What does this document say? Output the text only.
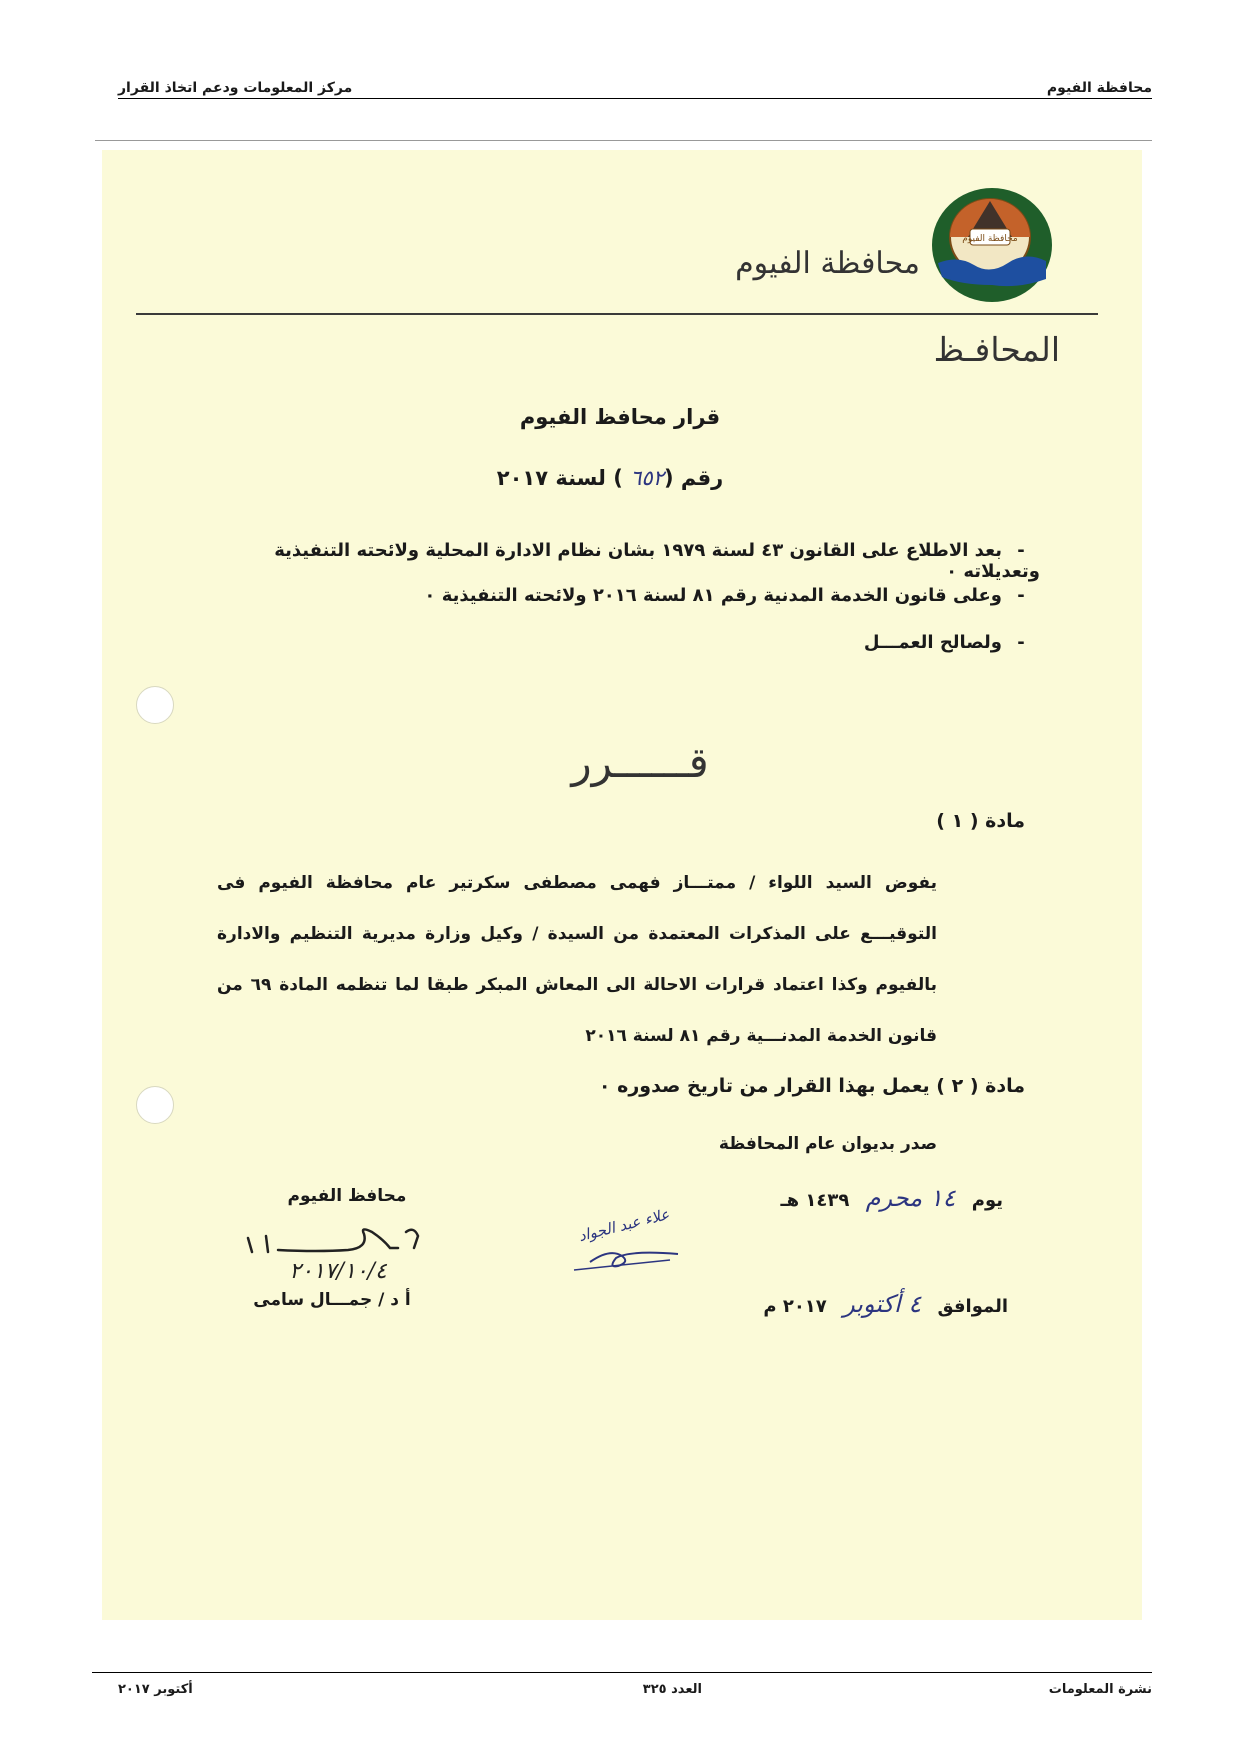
محافظة الفيوم
مركز المعلومات ودعم اتخاذ القرار
محافظة الفيوم
محافظة الفيوم
المحافـظ
قرار محافظ الفيوم
رقم (٦٥٢ ) لسنة ٢٠١٧
-بعد الاطلاع على القانون ٤٣ لسنة ١٩٧٩ بشان نظام الادارة المحلية ولائحته التنفيذية وتعديلاته ٠
-وعلى قانون الخدمة المدنية رقم ٨١ لسنة ٢٠١٦ ولائحته التنفيذية ٠
-ولصالح العمـــل
قــــــرر
مادة ( ١ )
يفوض السيد اللواء / ممتـــاز فهمى مصطفى سكرتير عام محافظة الفيوم فى التوقيـــع على المذكرات المعتمدة من السيدة / وكيل وزارة مديرية التنظيم والادارة بالفيوم وكذا اعتماد قرارات الاحالة الى المعاش المبكر طبقا لما تنظمه المادة ٦٩ من قانون الخدمة المدنـــية رقم ٨١ لسنة ٢٠١٦
مادة ( ٢ ) يعمل بهذا القرار من تاريخ صدوره ٠
صدر بديوان عام المحافظة
يوم ١٤ محرم ١٤٣٩ هـ
الموافق ٤ أكتوبر ٢٠١٧ م
علاء عبد الجواد
محافظ الفيوم
٢٠١٧/١٠/٤
أ د / جمـــال سامى
نشرة المعلومات
العدد ٣٢٥
أكتوبر ٢٠١٧
